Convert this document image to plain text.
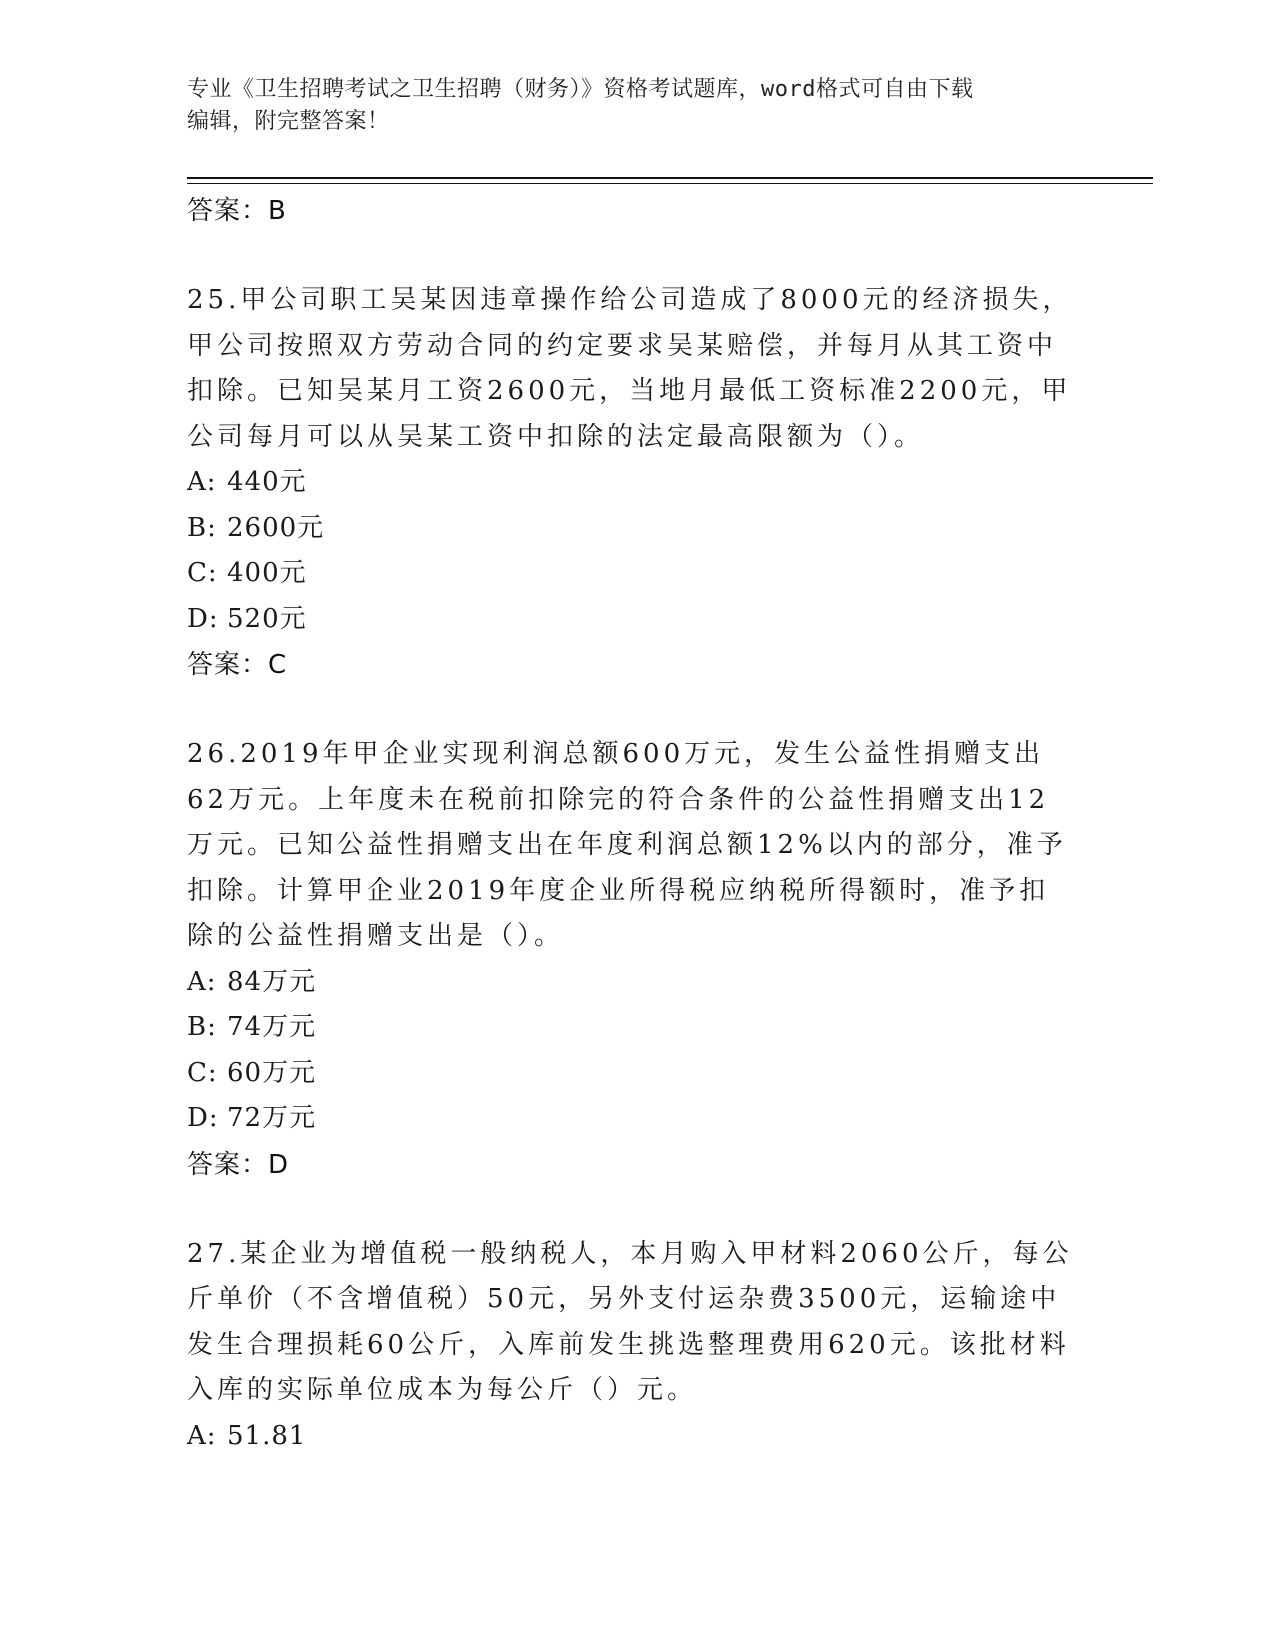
专业《卫生招聘考试之卫生招聘（财务）》资格考试题库，word格式可自由下载
编辑，附完整答案！
答案：B
25.甲公司职工吴某因违章操作给公司造成了8000元的经济损失，甲公司按照双方劳动合同的约定要求吴某赔偿，并每月从其工资中扣除。已知吴某月工资2600元，当地月最低工资标准2200元，甲公司每月可以从吴某工资中扣除的法定最高限额为（）。
A: 440元
B: 2600元
C: 400元
D: 520元
答案：C
26.2019年甲企业实现利润总额600万元，发生公益性捐赠支出62万元。上年度未在税前扣除完的符合条件的公益性捐赠支出12万元。已知公益性捐赠支出在年度利润总额12%以内的部分，准予扣除。计算甲企业2019年度企业所得税应纳税所得额时，准予扣除的公益性捐赠支出是（）。
A: 84万元
B: 74万元
C: 60万元
D: 72万元
答案：D
27.某企业为增值税一般纳税人，本月购入甲材料2060公斤，每公斤单价（不含增值税）50元，另外支付运杂费3500元，运输途中发生合理损耗60公斤，入库前发生挑选整理费用620元。该批材料入库的实际单位成本为每公斤（）元。
A: 51.81
